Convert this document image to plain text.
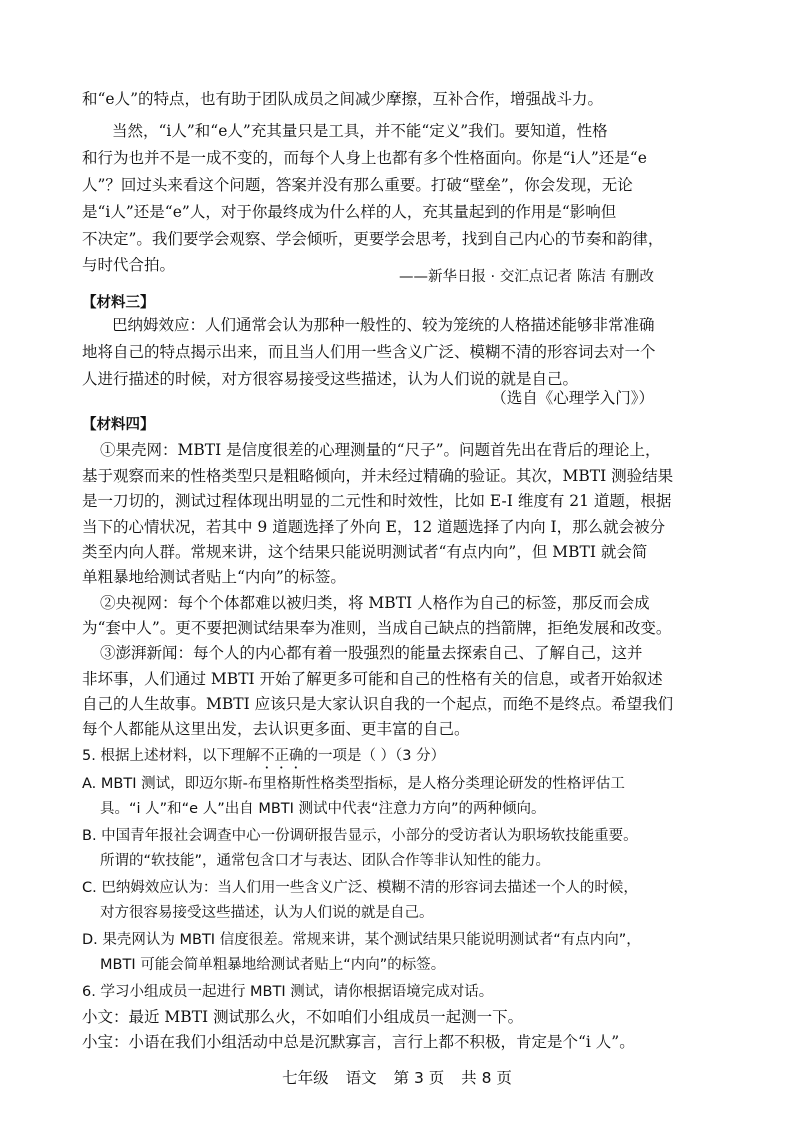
和“e人”的特点，也有助于团队成员之间减少摩擦，互补合作，增强战斗力。
当然，“i人”和“e人”充其量只是工具，并不能“定义”我们。要知道，性格
和行为也并不是一成不变的，而每个人身上也都有多个性格面向。你是“i人”还是“e
人”？回过头来看这个问题，答案并没有那么重要。打破“壁垒”，你会发现，无论
是“i人”还是“e”人，对于你最终成为什么样的人，充其量起到的作用是“影响但
不决定”。我们要学会观察、学会倾听，更要学会思考，找到自己内心的节奏和韵律，
与时代合拍。
——新华日报 · 交汇点记者 陈洁 有删改
【材料三】
巴纳姆效应：人们通常会认为那种一般性的、较为笼统的人格描述能够非常准确
地将自己的特点揭示出来，而且当人们用一些含义广泛、模糊不清的形容词去对一个
人进行描述的时候，对方很容易接受这些描述，认为人们说的就是自己。
（选自《心理学入门》）
【材料四】
①果壳网：MBTI 是信度很差的心理测量的“尺子”。问题首先出在背后的理论上，
基于观察而来的性格类型只是粗略倾向，并未经过精确的验证。其次，MBTI 测验结果
是一刀切的，测试过程体现出明显的二元性和时效性，比如 E-I 维度有 21 道题，根据
当下的心情状况，若其中 9 道题选择了外向 E，12 道题选择了内向 I，那么就会被分
类至内向人群。常规来讲，这个结果只能说明测试者“有点内向”，但 MBTI 就会简
单粗暴地给测试者贴上“内向”的标签。
②央视网：每个个体都难以被归类，将 MBTI 人格作为自己的标签，那反而会成
为“套中人”。更不要把测试结果奉为准则，当成自己缺点的挡箭牌，拒绝发展和改变。
③澎湃新闻：每个人的内心都有着一股强烈的能量去探索自己、了解自己，这并
非坏事，人们通过 MBTI 开始了解更多可能和自己的性格有关的信息，或者开始叙述
自己的人生故事。MBTI 应该只是大家认识自我的一个起点，而绝不是终点。希望我们
每个人都能从这里出发，去认识更多面、更丰富的自己。
5. 根据上述材料，以下理解不正确的一项是（ ）（3 分）
A. MBTI 测试，即迈尔斯-布里格斯性格类型指标，是人格分类理论研发的性格评估工
具。“i 人”和“e 人”出自 MBTI 测试中代表“注意力方向”的两种倾向。
B. 中国青年报社会调查中心一份调研报告显示，小部分的受访者认为职场软技能重要。
所谓的“软技能”，通常包含口才与表达、团队合作等非认知性的能力。
C. 巴纳姆效应认为：当人们用一些含义广泛、模糊不清的形容词去描述一个人的时候，
对方很容易接受这些描述，认为人们说的就是自己。
D. 果壳网认为 MBTI 信度很差。常规来讲，某个测试结果只能说明测试者“有点内向”，
MBTI 可能会简单粗暴地给测试者贴上“内向”的标签。
6. 学习小组成员一起进行 MBTI 测试，请你根据语境完成对话。
小文：最近 MBTI 测试那么火，不如咱们小组成员一起测一下。
小宝：小语在我们小组活动中总是沉默寡言，言行上都不积极，肯定是个“i 人”。
七年级 语文 第 3 页 共 8 页
